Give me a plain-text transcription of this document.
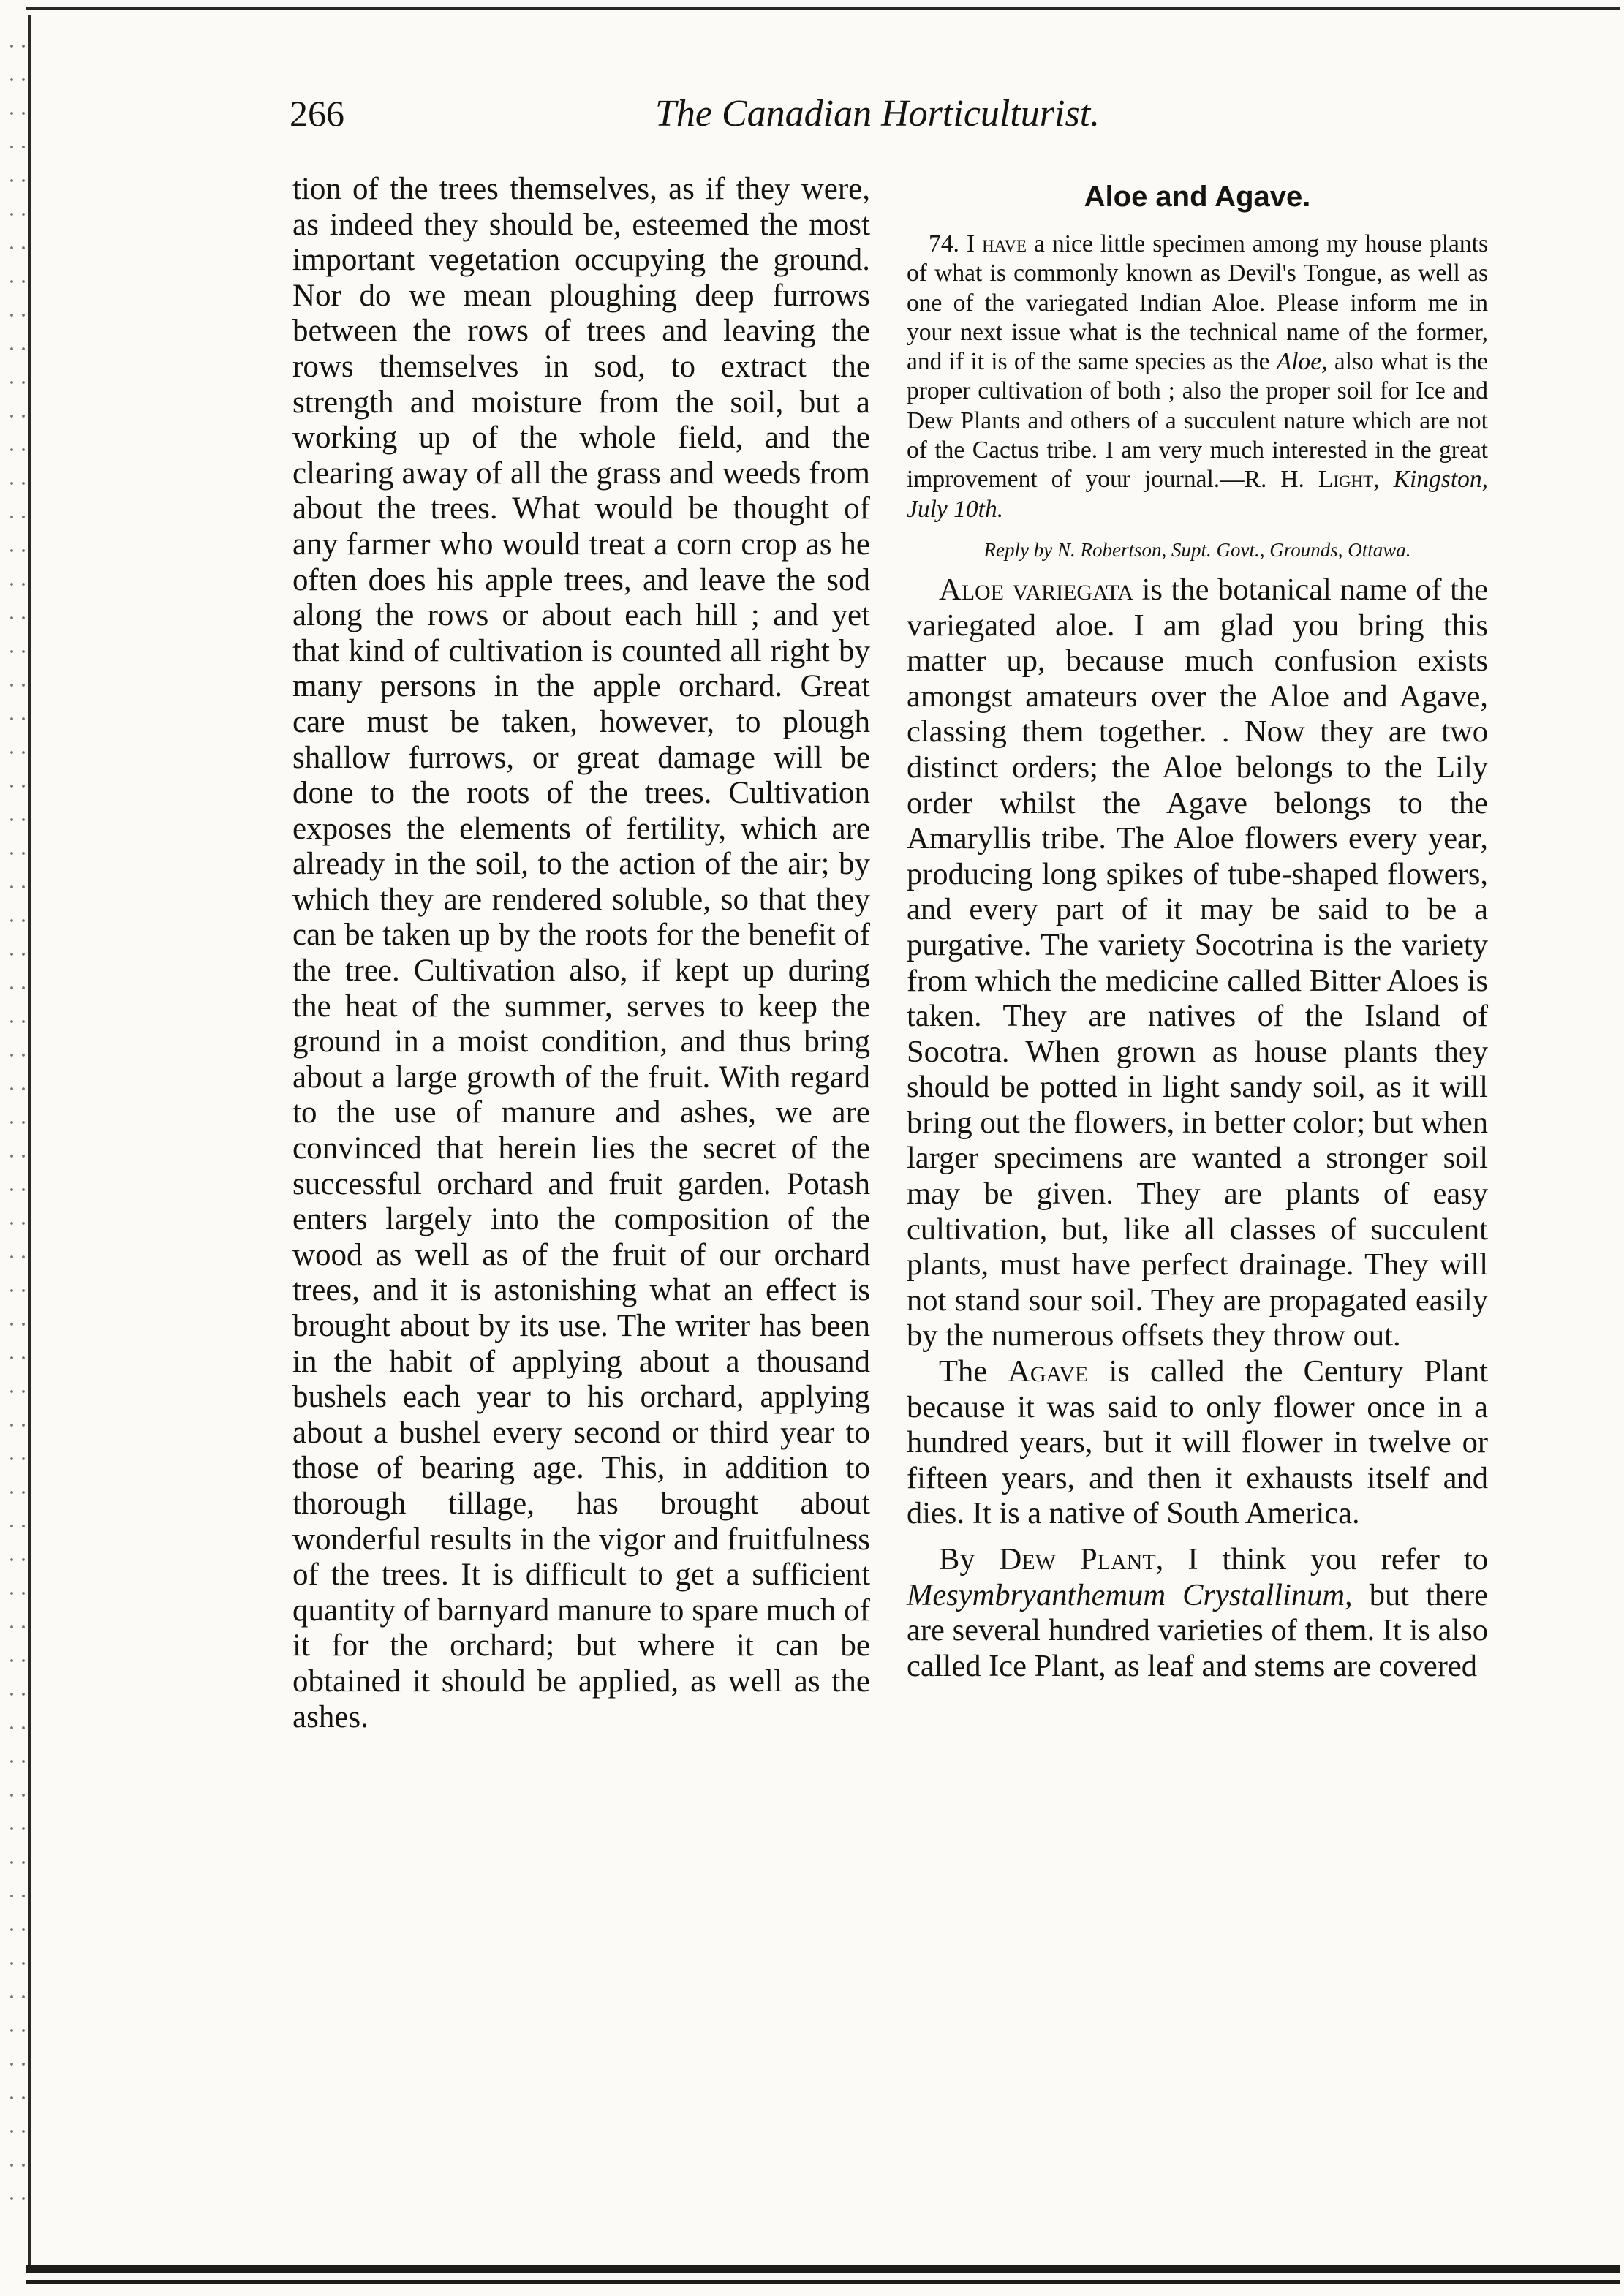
266	The Canadian Horticulturist.

tion of the trees themselves, as if they were, as indeed they should be, esteemed the most important vegetation occupying the ground. Nor do we mean ploughing deep furrows between the rows of trees and leaving the rows themselves in sod, to extract the strength and moisture from the soil, but a working up of the whole field, and the clearing away of all the grass and weeds from about the trees. What would be thought of any farmer who would treat a corn crop as he often does his apple trees, and leave the sod along the rows or about each hill ; and yet that kind of cultivation is counted all right by many persons in the apple orchard. Great care must be taken, however, to plough shallow furrows, or great damage will be done to the roots of the trees. Cultivation exposes the elements of fertility, which are already in the soil, to the action of the air; by which they are rendered soluble, so that they can be taken up by the roots for the benefit of the tree. Cultivation also, if kept up during the heat of the summer, serves to keep the ground in a moist condition, and thus bring about a large growth of the fruit. With regard to the use of manure and ashes, we are convinced that herein lies the secret of the successful orchard and fruit garden. Potash enters largely into the composition of the wood as well as of the fruit of our orchard trees, and it is astonishing what an effect is brought about by its use. The writer has been in the habit of applying about a thousand bushels each year to his orchard, applying about a bushel every second or third year to those of bearing age. This, in addition to thorough tillage, has brought about wonderful results in the vigor and fruitfulness of the trees. It is difficult to get a sufficient quantity of barnyard manure to spare much of it for the orchard; but where it can be obtained it should be applied, as well as the ashes.

Aloe and Agave.

74. I have a nice little specimen among my house plants of what is commonly known as Devil's Tongue, as well as one of the variegated Indian Aloe. Please inform me in your next issue what is the technical name of the former, and if it is of the same species as the Aloe, also what is the proper cultivation of both ; also the proper soil for Ice and Dew Plants and others of a succulent nature which are not of the Cactus tribe. I am very much interested in the great improvement of your journal.—R. H. Light, Kingston, July 10th.

Reply by N. Robertson, Supt. Govt., Grounds, Ottawa.

Aloe variegata is the botanical name of the variegated aloe. I am glad you bring this matter up, because much confusion exists amongst amateurs over the Aloe and Agave, classing them together. . Now they are two distinct orders; the Aloe belongs to the Lily order whilst the Agave belongs to the Amaryllis tribe. The Aloe flowers every year, producing long spikes of tube-shaped flowers, and every part of it may be said to be a purgative. The variety Socotrina is the variety from which the medicine called Bitter Aloes is taken. They are natives of the Island of Socotra. When grown as house plants they should be potted in light sandy soil, as it will bring out the flowers, in better color; but when larger specimens are wanted a stronger soil may be given. They are plants of easy cultivation, but, like all classes of succulent plants, must have perfect drainage. They will not stand sour soil. They are propagated easily by the numerous offsets they throw out.

The Agave is called the Century Plant because it was said to only flower once in a hundred years, but it will flower in twelve or fifteen years, and then it exhausts itself and dies. It is a native of South America.

By Dew Plant, I think you refer to Mesymbryanthemum Crystallinum, but there are several hundred varieties of them. It is also called Ice Plant, as leaf and stems are covered
